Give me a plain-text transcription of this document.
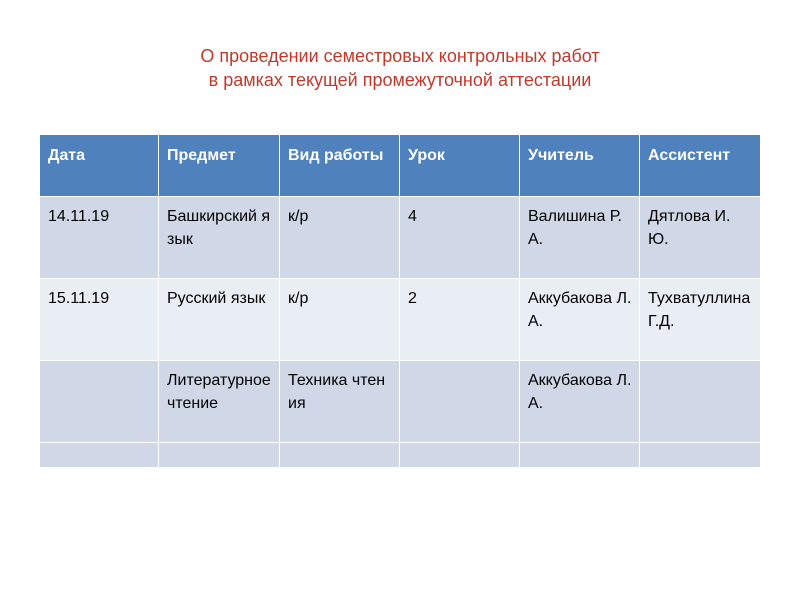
О проведении семестровых контрольных работ
в рамках текущей промежуточной аттестации
Дата	Предмет	Вид работы	Урок	Учитель	Ассистент
14.11.19	Башкирский язык	к/р	4	Валишина Р.А.	Дятлова И. Ю.
15.11.19	Русский язык	к/р	2	Аккубакова Л.А.	Тухватуллина Г.Д.
	Литературное чтение	Техника чтения		Аккубакова Л.А.	
